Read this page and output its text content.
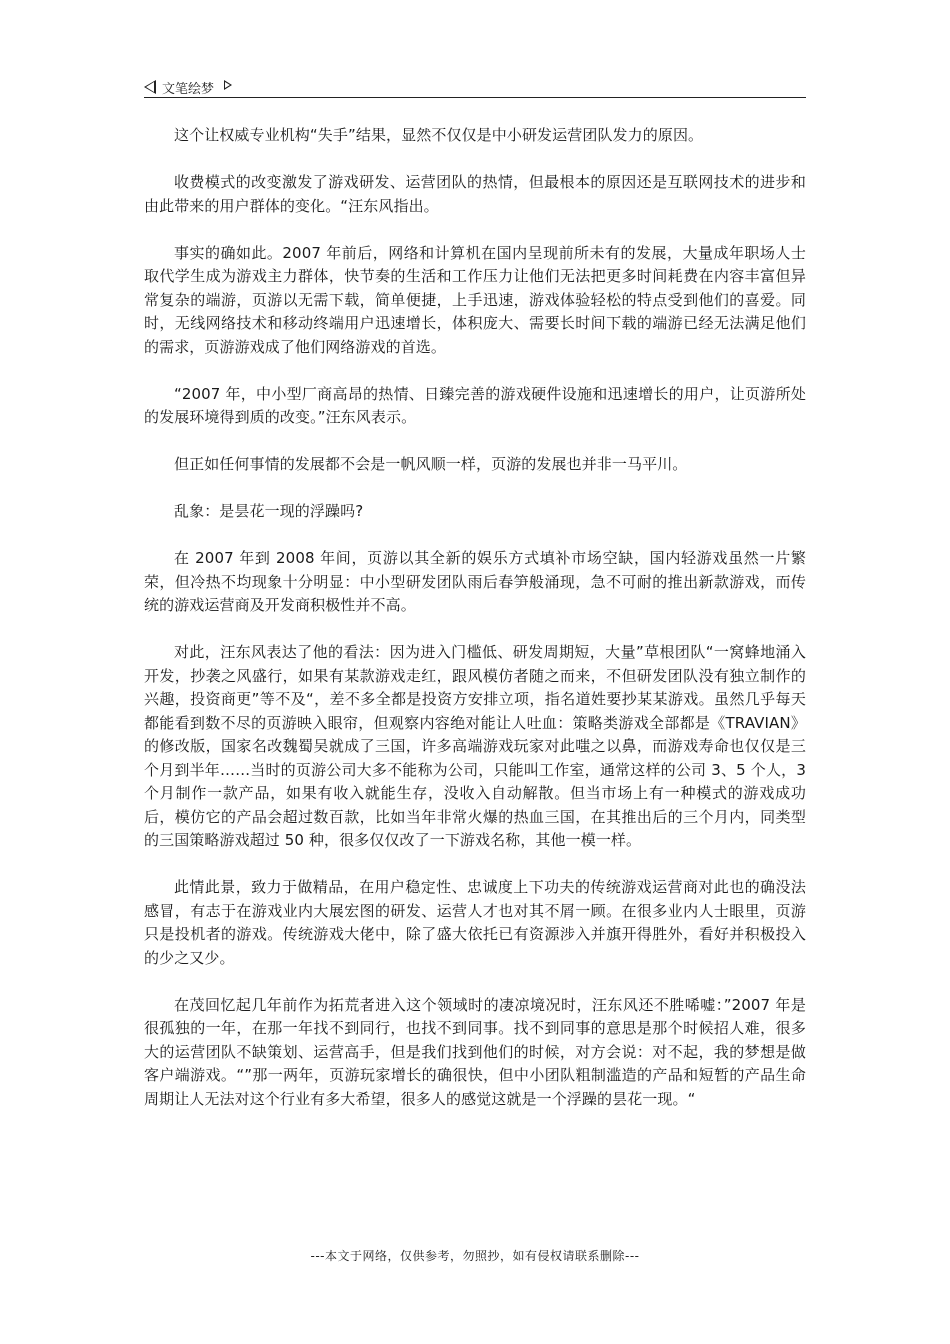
文笔绘梦

这个让权威专业机构“失手”结果，显然不仅仅是中小研发运营团队发力的原因。

收费模式的改变激发了游戏研发、运营团队的热情，但最根本的原因还是互联网技术的进步和由此带来的用户群体的变化。“汪东风指出。

事实的确如此。2007 年前后，网络和计算机在国内呈现前所未有的发展，大量成年职场人士取代学生成为游戏主力群体，快节奏的生活和工作压力让他们无法把更多时间耗费在内容丰富但异常复杂的端游，页游以无需下载，简单便捷，上手迅速，游戏体验轻松的特点受到他们的喜爱。同时，无线网络技术和移动终端用户迅速增长，体积庞大、需要长时间下载的端游已经无法满足他们的需求，页游游戏成了他们网络游戏的首选。

“2007 年，中小型厂商高昂的热情、日臻完善的游戏硬件设施和迅速增长的用户，让页游所处的发展环境得到质的改变。”汪东风表示。

但正如任何事情的发展都不会是一帆风顺一样，页游的发展也并非一马平川。

乱象：是昙花一现的浮躁吗?

在 2007 年到 2008 年间，页游以其全新的娱乐方式填补市场空缺，国内轻游戏虽然一片繁荣，但冷热不均现象十分明显：中小型研发团队雨后春笋般涌现，急不可耐的推出新款游戏，而传统的游戏运营商及开发商积极性并不高。

对此，汪东风表达了他的看法：因为进入门槛低、研发周期短，大量”草根团队“一窝蜂地涌入开发，抄袭之风盛行，如果有某款游戏走红，跟风模仿者随之而来，不但研发团队没有独立制作的兴趣，投资商更”等不及“，差不多全都是投资方安排立项，指名道姓要抄某某游戏。虽然几乎每天都能看到数不尽的页游映入眼帘，但观察内容绝对能让人吐血：策略类游戏全部都是《TRAVIAN》的修改版，国家名改魏蜀吴就成了三国，许多高端游戏玩家对此嗤之以鼻，而游戏寿命也仅仅是三个月到半年……当时的页游公司大多不能称为公司，只能叫工作室，通常这样的公司 3、5 个人，3 个月制作一款产品，如果有收入就能生存，没收入自动解散。但当市场上有一种模式的游戏成功后，模仿它的产品会超过数百款，比如当年非常火爆的热血三国，在其推出后的三个月内，同类型的三国策略游戏超过 50 种，很多仅仅改了一下游戏名称，其他一模一样。

此情此景，致力于做精品，在用户稳定性、忠诚度上下功夫的传统游戏运营商对此也的确没法感冒，有志于在游戏业内大展宏图的研发、运营人才也对其不屑一顾。在很多业内人士眼里，页游只是投机者的游戏。传统游戏大佬中，除了盛大依托已有资源涉入并旗开得胜外，看好并积极投入的少之又少。

在茂回忆起几年前作为拓荒者进入这个领域时的凄凉境况时，汪东风还不胜唏嘘：”2007 年是很孤独的一年，在那一年找不到同行，也找不到同事。找不到同事的意思是那个时候招人难，很多大的运营团队不缺策划、运营高手，但是我们找到他们的时候，对方会说：对不起，我的梦想是做客户端游戏。“”那一两年，页游玩家增长的确很快，但中小团队粗制滥造的产品和短暂的产品生命周期让人无法对这个行业有多大希望，很多人的感觉这就是一个浮躁的昙花一现。“

---本文于网络，仅供参考，勿照抄，如有侵权请联系删除---
